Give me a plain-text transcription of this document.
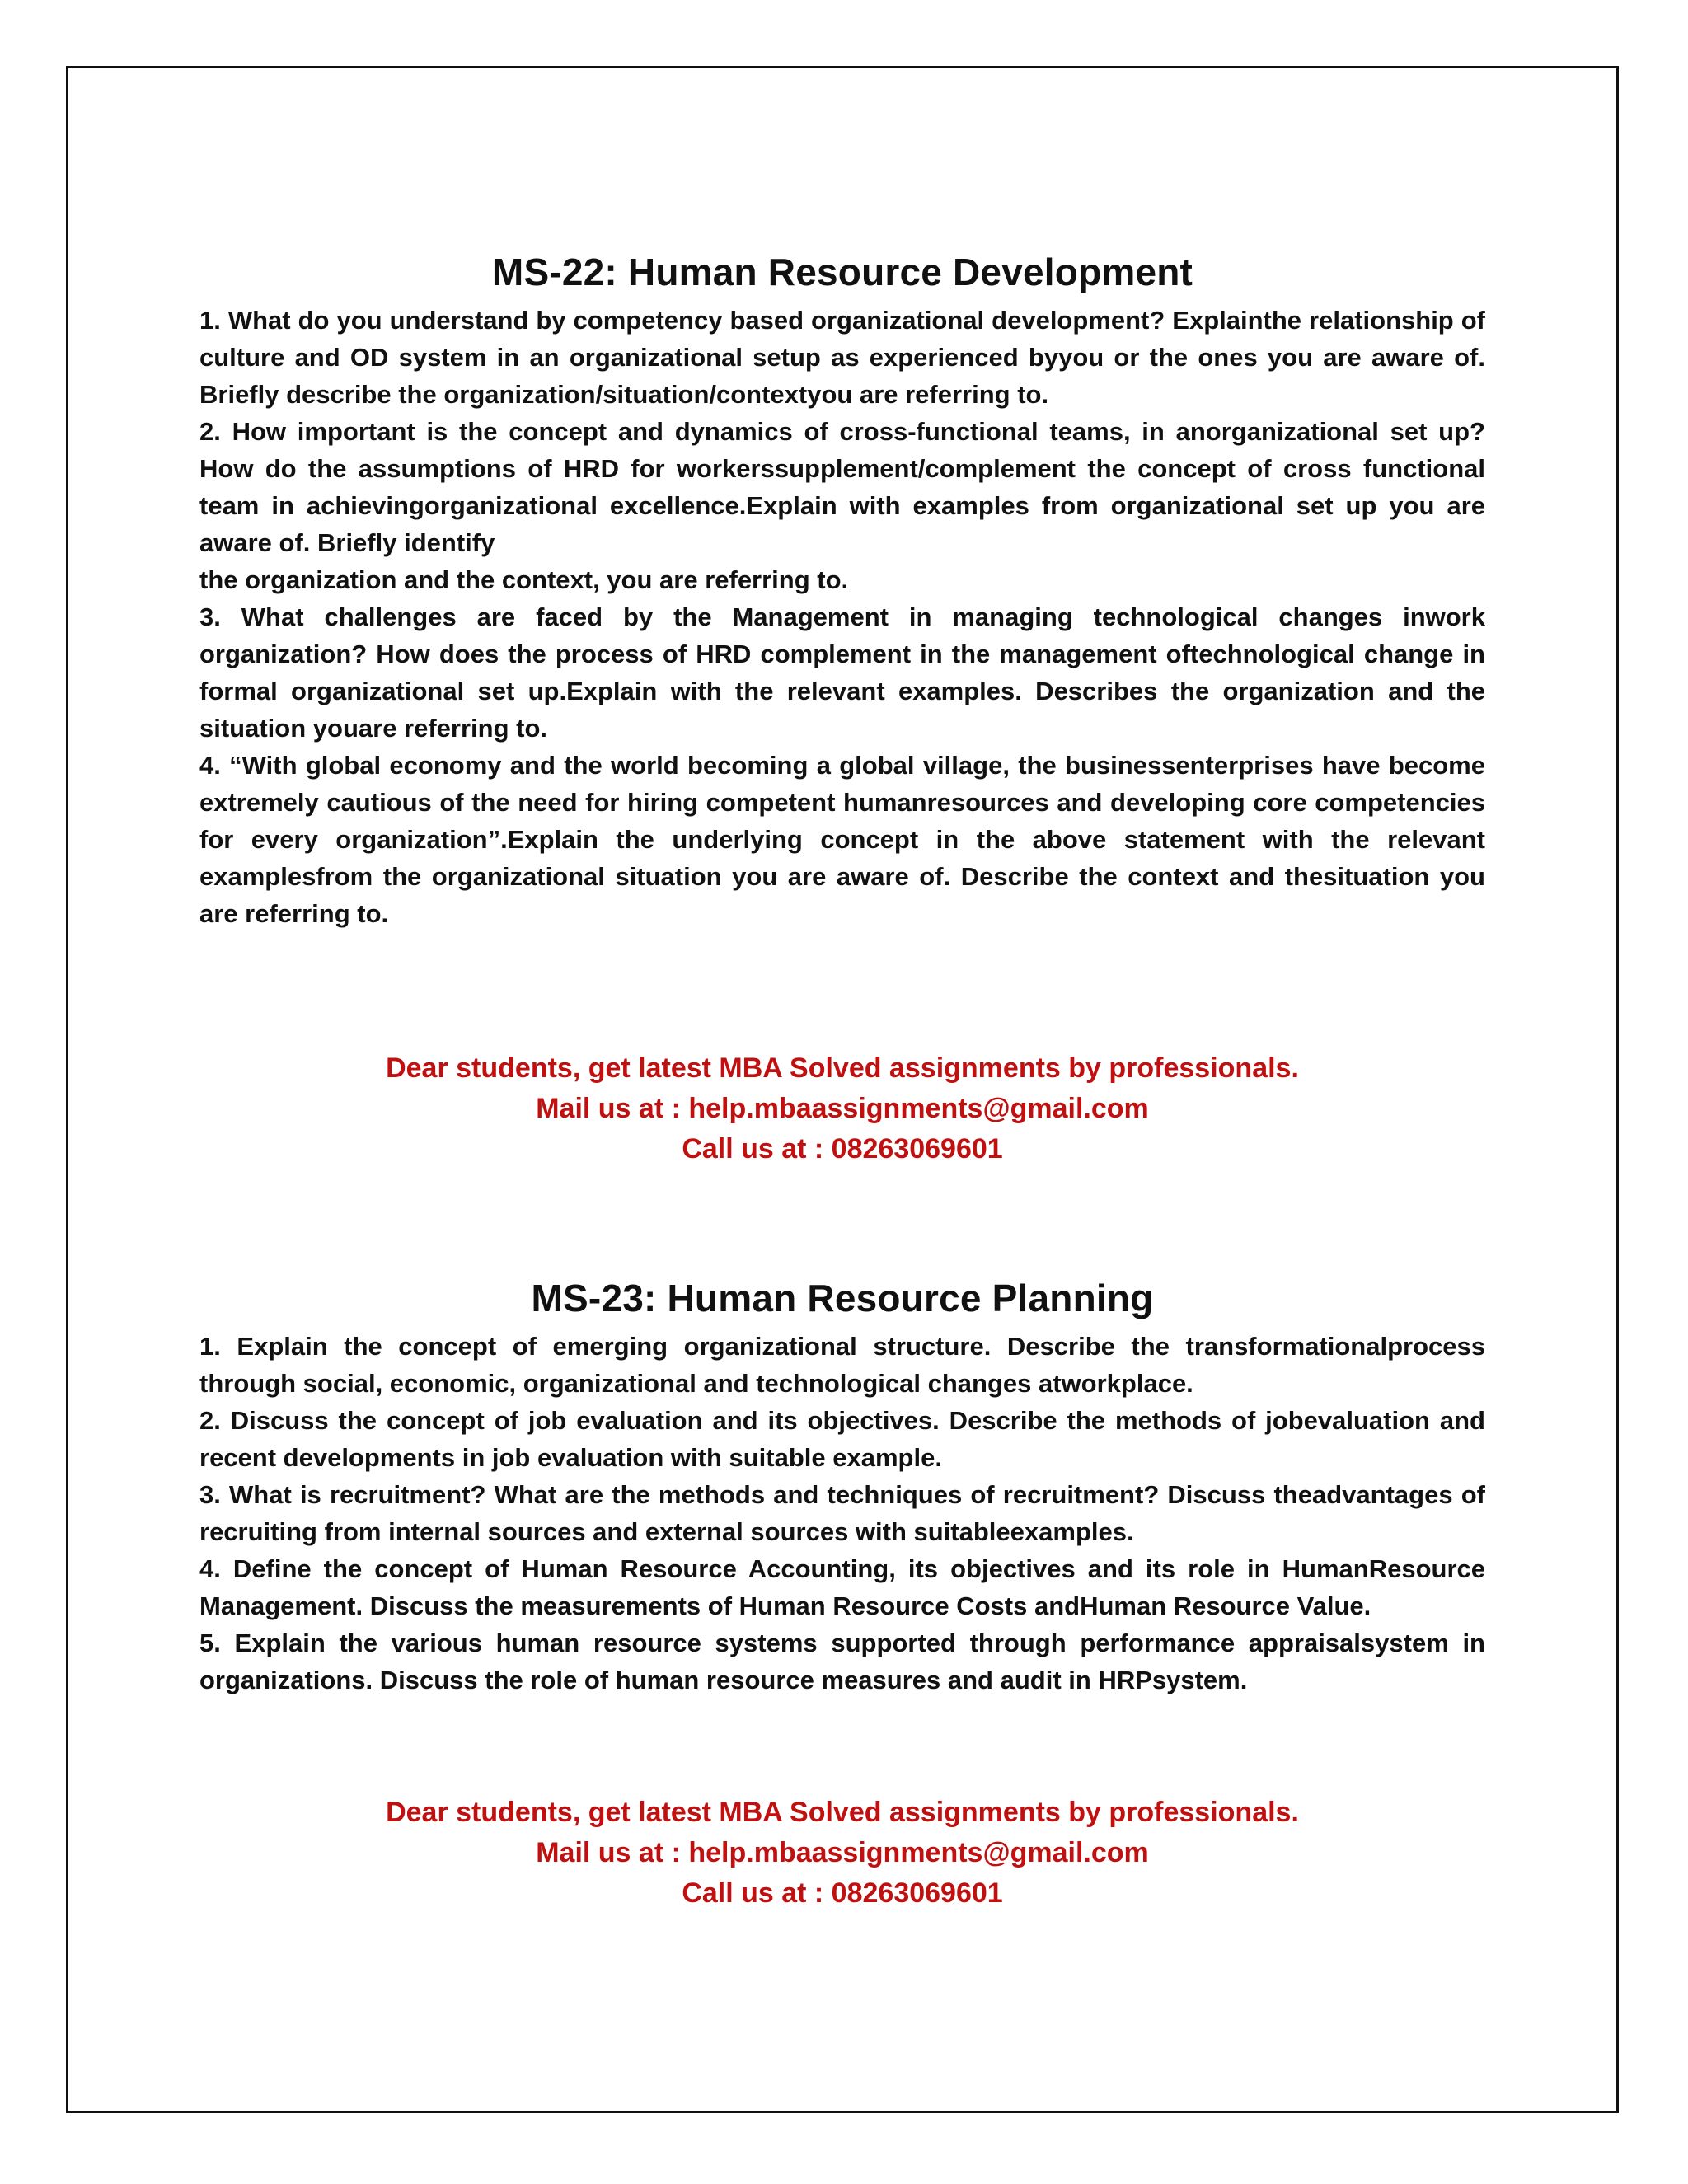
MS-22: Human Resource Development

1. What do you understand by competency based organizational development? Explainthe relationship of culture and OD system in an organizational setup as experienced byyou or the ones you are aware of. Briefly describe the organization/situation/contextyou are referring to.

2. How important is the concept and dynamics of cross-functional teams, in anorganizational set up? How do the assumptions of HRD for workerssupplement/complement the concept of cross functional team in achievingorganizational excellence.Explain with examples from organizational set up you are aware of. Briefly identify

the organization and the context, you are referring to.

3. What challenges are faced by the Management in managing technological changes inwork organization? How does the process of HRD complement in the management oftechnological change in formal organizational set up.Explain with the relevant examples. Describes the organization and the situation youare referring to.

4. “With global economy and the world becoming a global village, the businessenterprises have become extremely cautious of the need for hiring competent humanresources and developing core competencies for every organization”.Explain the underlying concept in the above statement with the relevant examplesfrom the organizational situation you are aware of. Describe the context and thesituation you are referring to.

Dear students, get latest MBA Solved assignments by professionals.

Mail us at : help.mbaassignments@gmail.com

Call us at : 08263069601

MS-23: Human Resource Planning

1. Explain the concept of emerging organizational structure. Describe the transformationalprocess through social, economic, organizational and technological changes atworkplace.

2. Discuss the concept of job evaluation and its objectives. Describe the methods of jobevaluation and recent developments in job evaluation with suitable example.

3. What is recruitment? What are the methods and techniques of recruitment? Discuss theadvantages of recruiting from internal sources and external sources with suitableexamples.

4. Define the concept of Human Resource Accounting, its objectives and its role in HumanResource Management. Discuss the measurements of Human Resource Costs andHuman Resource Value.

5. Explain the various human resource systems supported through performance appraisalsystem in organizations. Discuss the role of human resource measures and audit in HRPsystem.

Dear students, get latest MBA Solved assignments by professionals.

Mail us at : help.mbaassignments@gmail.com

Call us at : 08263069601
